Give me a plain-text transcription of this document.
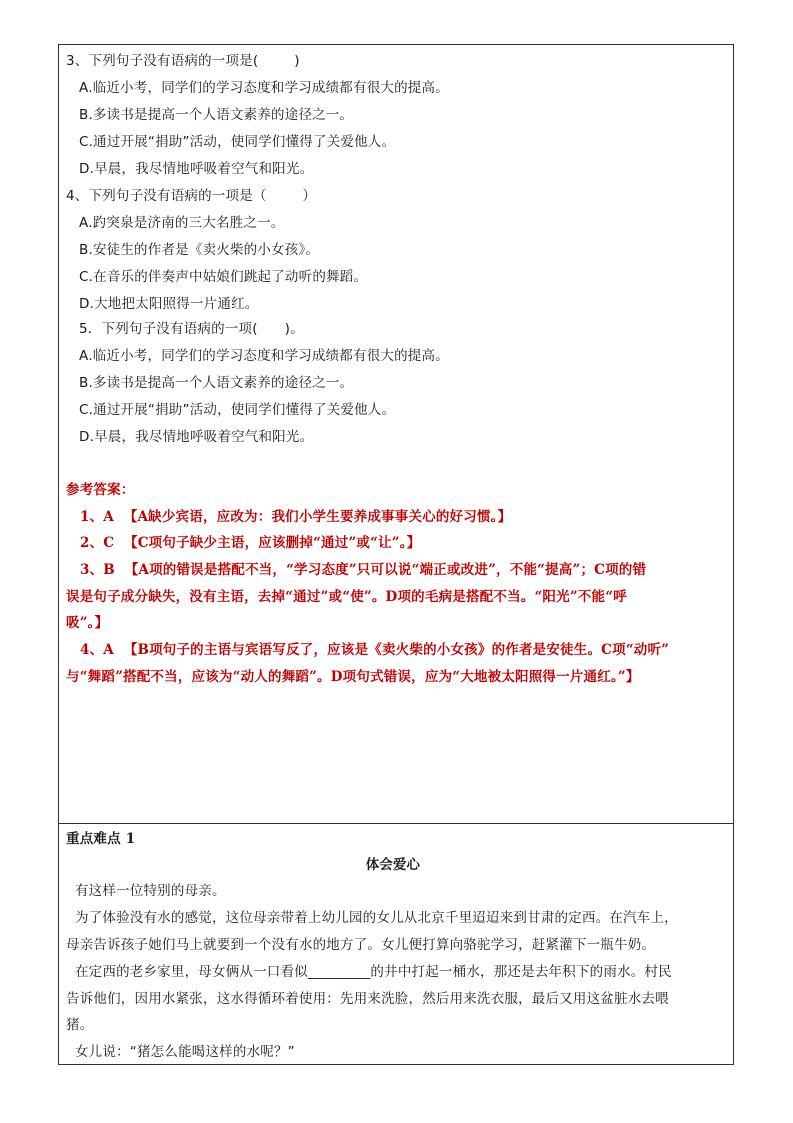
3、下列句子没有语病的一项是(        )
A.临近小考，同学们的学习态度和学习成绩都有很大的提高。
B.多读书是提高一个人语文素养的途径之一。
C.通过开展“捐助”活动，使同学们懂得了关爱他人。
D.早晨，我尽情地呼吸着空气和阳光。
4、下列句子没有语病的一项是（        ）
A.趵突泉是济南的三大名胜之一。
B.安徒生的作者是《卖火柴的小女孩》。
C.在音乐的伴奏声中姑娘们跳起了动听的舞蹈。
D.大地把太阳照得一片通红。
5．下列句子没有语病的一项(      )。
A.临近小考，同学们的学习态度和学习成绩都有很大的提高。
B.多读书是提高一个人语文素养的途径之一。
C.通过开展“捐助”活动，使同学们懂得了关爱他人。
D.早晨，我尽情地呼吸着空气和阳光。
参考答案：
1、A  【A缺少宾语，应改为：我们小学生要养成事事关心的好习惯。】
2、C  【C项句子缺少主语，应该删掉“通过”或“让”。】
3、B  【A项的错误是搭配不当，“学习态度”只可以说“端正或改进”，不能“提高”；C项的错
误是句子成分缺失，没有主语，去掉“通过”或“使”。D项的毛病是搭配不当。“阳光”不能“呼
吸”。】
4、A  【B项句子的主语与宾语写反了，应该是《卖火柴的小女孩》的作者是安徒生。C项“动听”
与“舞蹈”搭配不当，应该为“动人的舞蹈”。D项句式错误，应为“大地被太阳照得一片通红。”】
重点难点 1
体会爱心
有这样一位特别的母亲。
为了体验没有水的感觉，这位母亲带着上幼儿园的女儿从北京千里迢迢来到甘肃的定西。在汽车上，
母亲告诉孩子她们马上就要到一个没有水的地方了。女儿便打算向骆驼学习，赶紧灌下一瓶牛奶。
在定西的老乡家里，母女俩从一口看似_________的井中打起一桶水，那还是去年积下的雨水。村民
告诉他们，因用水紧张，这水得循环着使用：先用来洗脸，然后用来洗衣服，最后又用这盆脏水去喂
猪。
女儿说：“猪怎么能喝这样的水呢？”
